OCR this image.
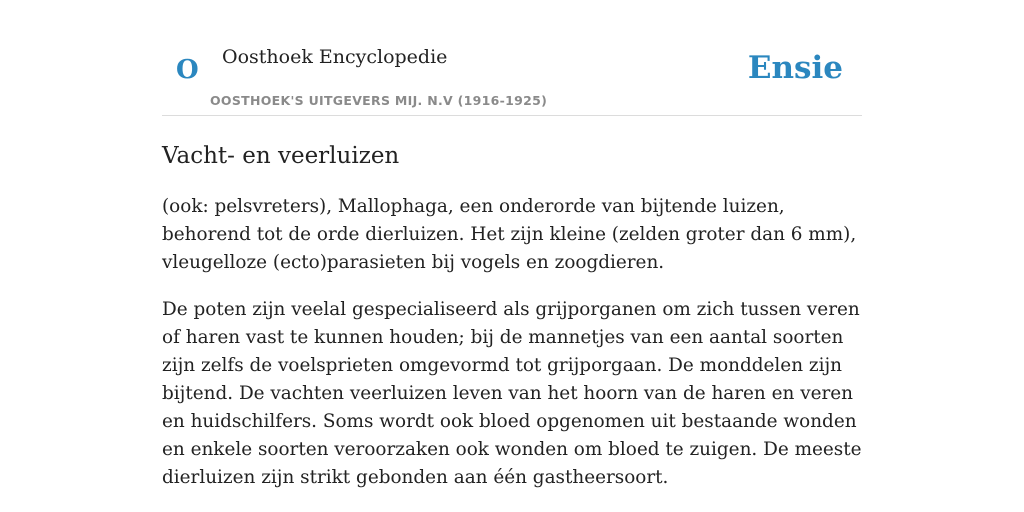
O Oosthoek Encyclopedie
OOSTHOEK'S UITGEVERS MIJ. N.V (1916-1925)
Ensie
Vacht- en veerluizen

(ook: pelsvreters), Mallophaga, een onderorde van bijtende luizen, behorend tot de orde dierluizen. Het zijn kleine (zelden groter dan 6 mm), vleugelloze (ecto)parasieten bij vogels en zoogdieren.

De poten zijn veelal gespecialiseerd als grijporganen om zich tussen veren of haren vast te kunnen houden; bij de mannetjes van een aantal soorten zijn zelfs de voelsprieten omgevormd tot grijporgaan. De monddelen zijn bijtend. De vachten veerluizen leven van het hoorn van de haren en veren en huidschilfers. Soms wordt ook bloed opgenomen uit bestaande wonden en enkele soorten veroorzaken ook wonden om bloed te zuigen. De meeste dierluizen zijn strikt gebonden aan één gastheersoort.
